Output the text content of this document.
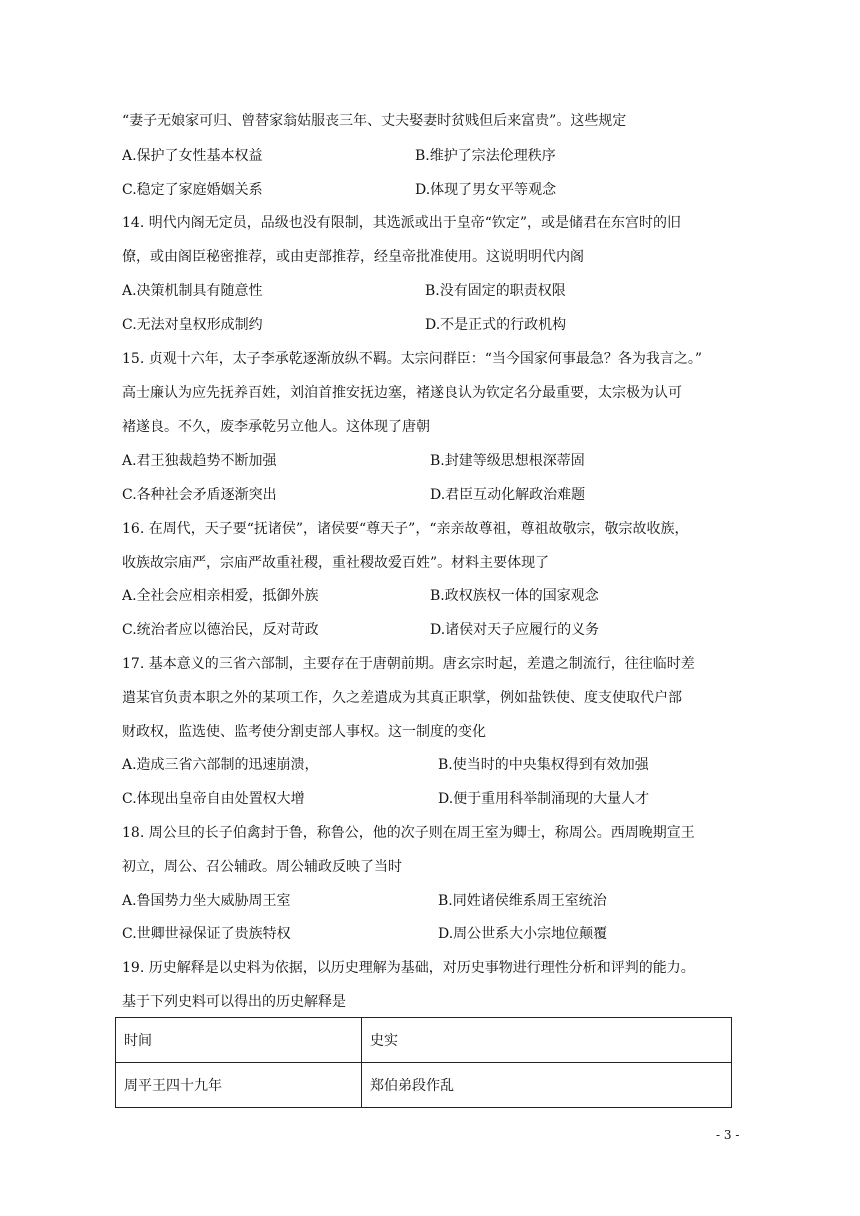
“妻子无娘家可归、曾替家翁姑服丧三年、丈夫娶妻时贫贱但后来富贵”。这些规定
A.保护了女性基本权益	B.维护了宗法伦理秩序
C.稳定了家庭婚姻关系	D.体现了男女平等观念
14. 明代内阁无定员，品级也没有限制，其选派或出于皇帝“钦定”，或是储君在东宫时的旧
僚，或由阁臣秘密推荐，或由吏部推荐，经皇帝批准使用。这说明明代内阁
A.决策机制具有随意性	B.没有固定的职责权限
C.无法对皇权形成制约	D.不是正式的行政机构
15. 贞观十六年，太子李承乾逐渐放纵不羁。太宗问群臣：“当今国家何事最急？各为我言之。”
高士廉认为应先抚养百姓，刘洎首推安抚边塞，褚遂良认为钦定名分最重要，太宗极为认可
褚遂良。不久，废李承乾另立他人。这体现了唐朝
A.君王独裁趋势不断加强	B.封建等级思想根深蒂固
C.各种社会矛盾逐渐突出	D.君臣互动化解政治难题
16. 在周代，天子要“抚诸侯”，诸侯要“尊天子”，“亲亲故尊祖，尊祖故敬宗，敬宗故收族，
收族故宗庙严，宗庙严故重社稷，重社稷故爱百姓”。材料主要体现了
A.全社会应相亲相爱，抵御外族	B.政权族权一体的国家观念
C.统治者应以德治民，反对苛政	D.诸侯对天子应履行的义务
17. 基本意义的三省六部制，主要存在于唐朝前期。唐玄宗时起，差遣之制流行，往往临时差
遣某官负责本职之外的某项工作，久之差遣成为其真正职掌，例如盐铁使、度支使取代户部
财政权，监选使、监考使分割吏部人事权。这一制度的变化
A.造成三省六部制的迅速崩溃，	B.使当时的中央集权得到有效加强
C.体现出皇帝自由处置权大增	D.便于重用科举制涌现的大量人才
18. 周公旦的长子伯禽封于鲁，称鲁公，他的次子则在周王室为卿士，称周公。西周晚期宣王
初立，周公、召公辅政。周公辅政反映了当时
A.鲁国势力坐大威胁周王室	B.同姓诸侯维系周王室统治
C.世卿世禄保证了贵族特权	D.周公世系大小宗地位颠覆
19. 历史解释是以史料为依据，以历史理解为基础，对历史事物进行理性分析和评判的能力。
基于下列史料可以得出的历史解释是
时间	史实
周平王四十九年	郑伯弟段作乱
- 3 -
